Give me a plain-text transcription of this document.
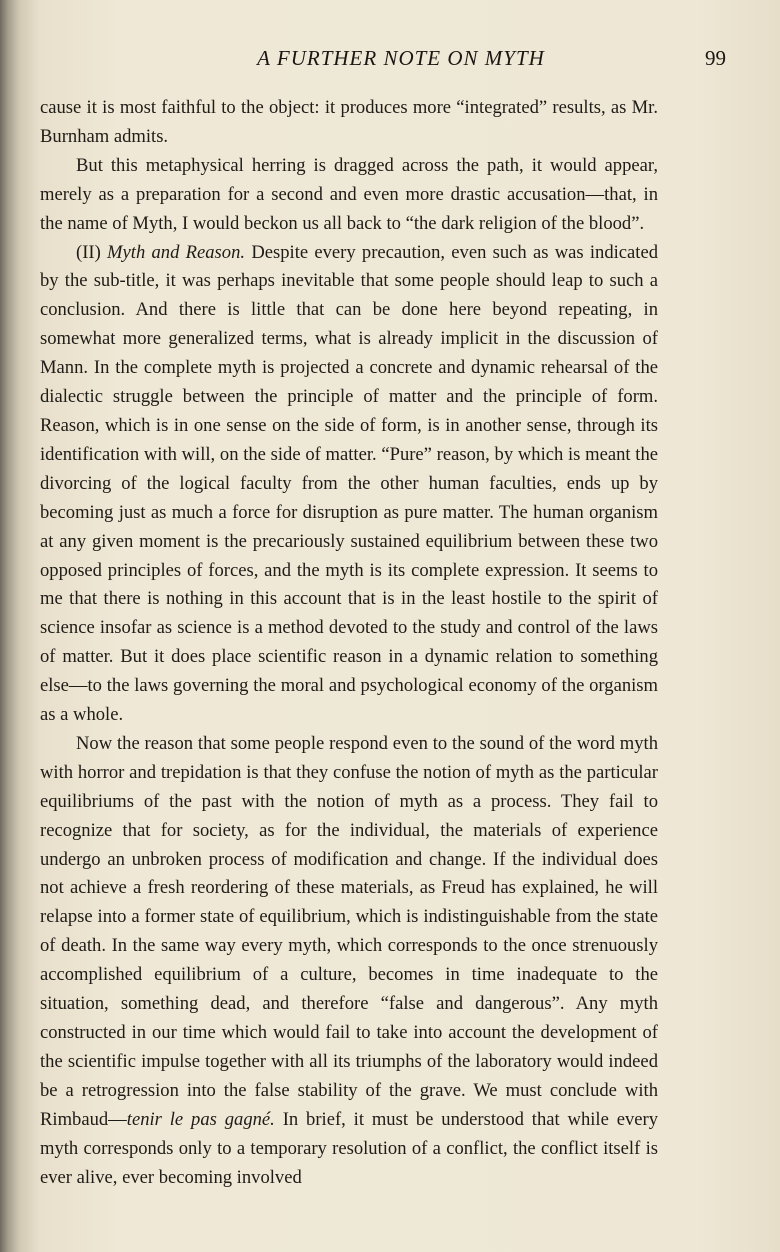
A FURTHER NOTE ON MYTH	99

cause it is most faithful to the object: it produces more “integrated” results, as Mr. Burnham admits.

But this metaphysical herring is dragged across the path, it would appear, merely as a preparation for a second and even more drastic accusation—that, in the name of Myth, I would beckon us all back to “the dark religion of the blood”.

(II) Myth and Reason. Despite every precaution, even such as was indicated by the sub-title, it was perhaps inevitable that some people should leap to such a conclusion. And there is little that can be done here beyond repeating, in somewhat more generalized terms, what is already implicit in the discussion of Mann. In the complete myth is projected a concrete and dynamic rehearsal of the dialectic struggle between the principle of matter and the principle of form. Reason, which is in one sense on the side of form, is in another sense, through its identification with will, on the side of matter. “Pure” reason, by which is meant the divorcing of the logical faculty from the other human faculties, ends up by becoming just as much a force for disruption as pure matter. The human organism at any given moment is the precariously sustained equilibrium between these two opposed principles of forces, and the myth is its complete expression. It seems to me that there is nothing in this account that is in the least hostile to the spirit of science insofar as science is a method devoted to the study and control of the laws of matter. But it does place scientific reason in a dynamic relation to something else—to the laws governing the moral and psychological economy of the organism as a whole.

Now the reason that some people respond even to the sound of the word myth with horror and trepidation is that they confuse the notion of myth as the particular equilibriums of the past with the notion of myth as a process. They fail to recognize that for society, as for the individual, the materials of experience undergo an unbroken process of modification and change. If the individual does not achieve a fresh reordering of these materials, as Freud has explained, he will relapse into a former state of equilibrium, which is indistinguishable from the state of death. In the same way every myth, which corresponds to the once strenuously accomplished equilibrium of a culture, becomes in time inadequate to the situation, something dead, and therefore “false and dangerous”. Any myth constructed in our time which would fail to take into account the development of the scientific impulse together with all its triumphs of the laboratory would indeed be a retrogression into the false stability of the grave. We must conclude with Rimbaud—tenir le pas gagné. In brief, it must be understood that while every myth corresponds only to a temporary resolution of a conflict, the conflict itself is ever alive, ever becoming involved
